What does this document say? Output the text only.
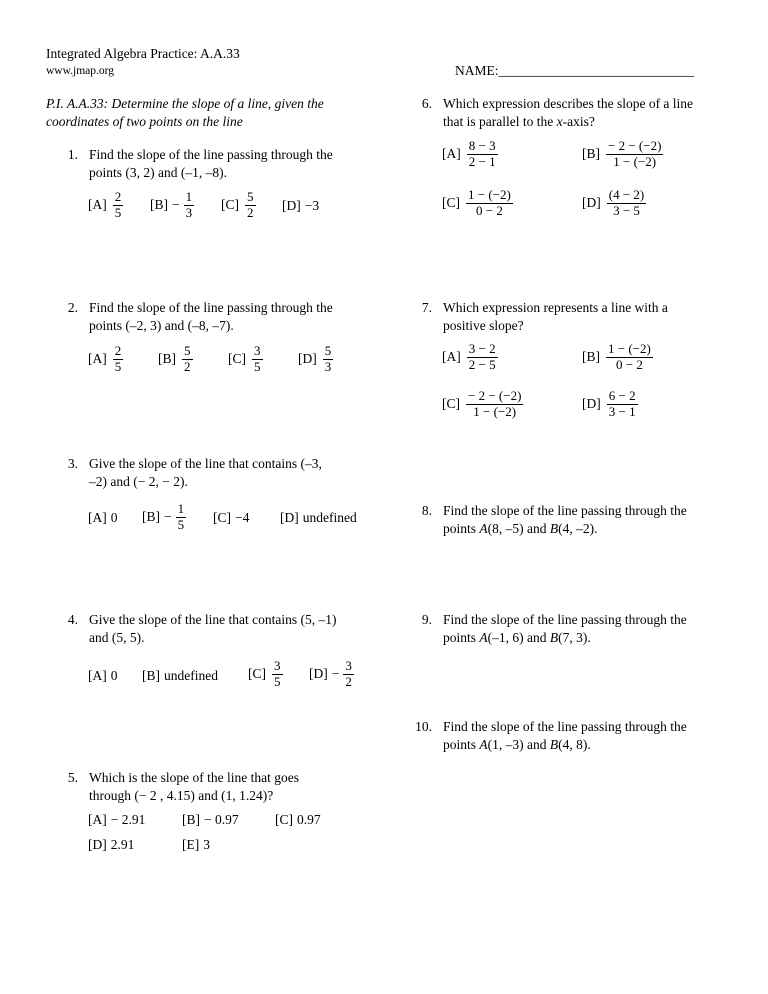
Integrated Algebra Practice: A.A.33
www.jmap.org	NAME:_____________________________
P.I. A.A.33: Determine the slope of a line, given the
coordinates of two points on the line
1. Find the slope of the line passing through the
points (3, 2) and (–1, –8).
$[A] \frac{2}{5} [B] - \frac{1}{3} [C] \frac{5}{2} [D] -3$
2. Find the slope of the line passing through the
points (–2, 3) and (–8, –7).
$[A] \frac{2}{5}$	$[B] \frac{5}{2}$	$[C] \frac{3}{5}$	$[D] \frac{5}{3}$
3. Give the slope of the line that contains (–3,
–2) and (− 2, − 2).
[A] 0 $[B] - \frac{1}{5} [C] -4$ [D] undefined
4. Give the slope of the line that contains (5, –1)
and (5, 5).
[A] 0 [B] undefined $[C] \frac{3}{5} [D] - \frac{3}{2}$
5. Which is the slope of the line that goes
through (− 2 , 4.15) and (1, 1.24)?
[A] − 2.91	[B] − 0.97	[C] 0.97
[D] 2.91	[E] 3
6. Which expression describes the slope of a line
that is parallel to the x-axis?
$[A] \frac{8 - 3}{2 - 1}$	$[B] \frac{- 2 - (-2)}{1 - (-2)}$
$[C] \frac{1 - (-2)}{0 - 2}$	$[D] \frac{(4 - 2)}{3 - 5}$
7. Which expression represents a line with a
positive slope?
$[A] \frac{3 - 2}{2 - 5}$	$[B] \frac{1 - (-2)}{0 - 2}$
$[C] \frac{- 2 - (-2)}{1 - (-2)}$	$[D] \frac{6 - 2}{3 - 1}$
8. Find the slope of the line passing through the
points A(8, –5) and B(4, –2).
9. Find the slope of the line passing through the
points A(–1, 6) and B(7, 3).
10. Find the slope of the line passing through the
points A(1, –3) and B(4, 8).
